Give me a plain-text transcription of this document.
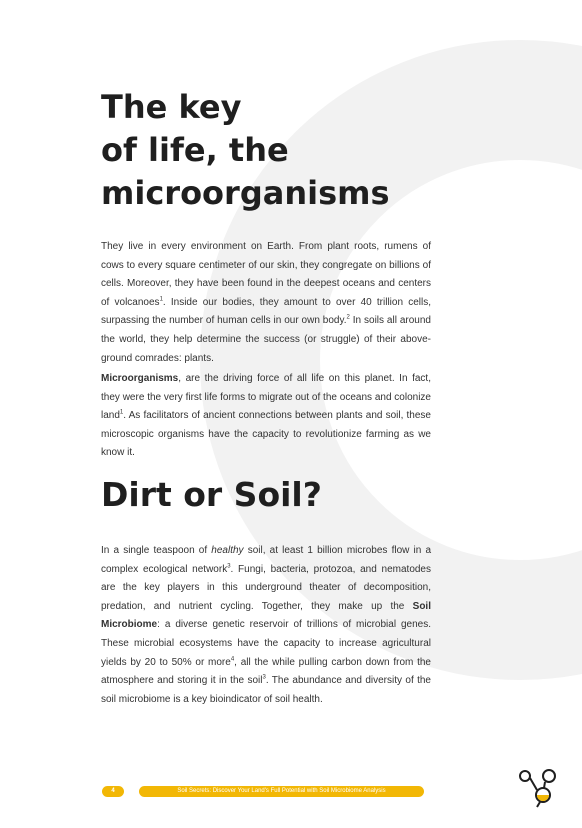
The key
of life, the
microorganisms

They live in every environment on Earth. From plant roots, rumens of cows to every square centimeter of our skin, they congregate on billions of cells. Moreover, they have been found in the deepest oceans and centers of volcanoes$^1$. Inside our bodies, they amount to over 40 trillion cells, surpassing the number of human cells in our own body.$^2$ In soils all around the world, they help determine the success (or struggle) of their above-ground comrades: plants.

Microorganisms, are the driving force of all life on this planet. In fact, they were the very first life forms to migrate out of the oceans and colonize land$^1$. As facilitators of ancient connections between plants and soil, these microscopic organisms have the capacity to revolutionize farming as we know it.

Dirt or Soil?

In a single teaspoon of healthy soil, at least 1 billion microbes flow in a complex ecological network$^3$. Fungi, bacteria, protozoa, and nematodes are the key players in this underground theater of decomposition, predation, and nutrient cycling. Together, they make up the Soil Microbiome: a diverse genetic reservoir of trillions of microbial genes. These microbial ecosystems have the capacity to increase agricultural yields by 20 to 50% or more$^4$, all the while pulling carbon down from the atmosphere and storing it in the soil$^3$. The abundance and diversity of the soil microbiome is a key bioindicator of soil health.

4	Soil Secrets: Discover Your Land's Full Potential with Soil Microbiome Analysis
